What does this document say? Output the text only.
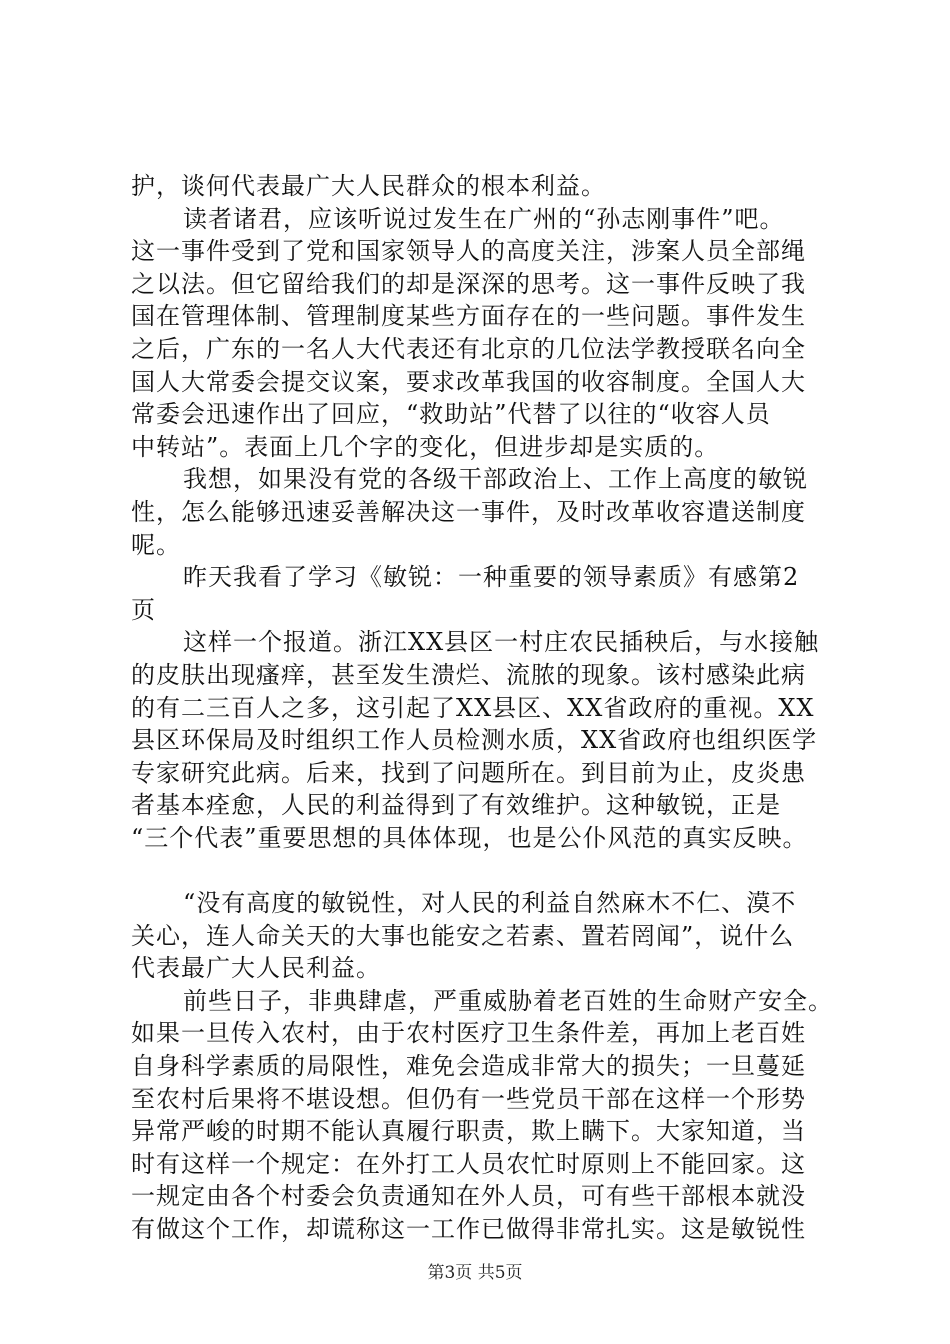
护，谈何代表最广大人民群众的根本利益。
读者诸君，应该听说过发生在广州的“孙志刚事件”吧。
这一事件受到了党和国家领导人的高度关注，涉案人员全部绳
之以法。但它留给我们的却是深深的思考。这一事件反映了我
国在管理体制、管理制度某些方面存在的一些问题。事件发生
之后，广东的一名人大代表还有北京的几位法学教授联名向全
国人大常委会提交议案，要求改革我国的收容制度。全国人大
常委会迅速作出了回应，“救助站”代替了以往的“收容人员
中转站”。表面上几个字的变化，但进步却是实质的。
我想，如果没有党的各级干部政治上、工作上高度的敏锐
性，怎么能够迅速妥善解决这一事件，及时改革收容遣送制度
呢。
昨天我看了学习《敏锐：一种重要的领导素质》有感第2
页
这样一个报道。浙江XX县区一村庄农民插秧后，与水接触
的皮肤出现瘙痒，甚至发生溃烂、流脓的现象。该村感染此病
的有二三百人之多，这引起了XX县区、XX省政府的重视。XX
县区环保局及时组织工作人员检测水质，XX省政府也组织医学
专家研究此病。后来，找到了问题所在。到目前为止，皮炎患
者基本痊愈，人民的利益得到了有效维护。这种敏锐，正是
“三个代表”重要思想的具体体现，也是公仆风范的真实反映。
“没有高度的敏锐性，对人民的利益自然麻木不仁、漠不
关心，连人命关天的大事也能安之若素、置若罔闻”，说什么
代表最广大人民利益。
前些日子，非典肆虐，严重威胁着老百姓的生命财产安全。
如果一旦传入农村，由于农村医疗卫生条件差，再加上老百姓
自身科学素质的局限性，难免会造成非常大的损失；一旦蔓延
至农村后果将不堪设想。但仍有一些党员干部在这样一个形势
异常严峻的时期不能认真履行职责，欺上瞒下。大家知道，当
时有这样一个规定：在外打工人员农忙时原则上不能回家。这
一规定由各个村委会负责通知在外人员，可有些干部根本就没
有做这个工作，却谎称这一工作已做得非常扎实。这是敏锐性
第3页 共5页
